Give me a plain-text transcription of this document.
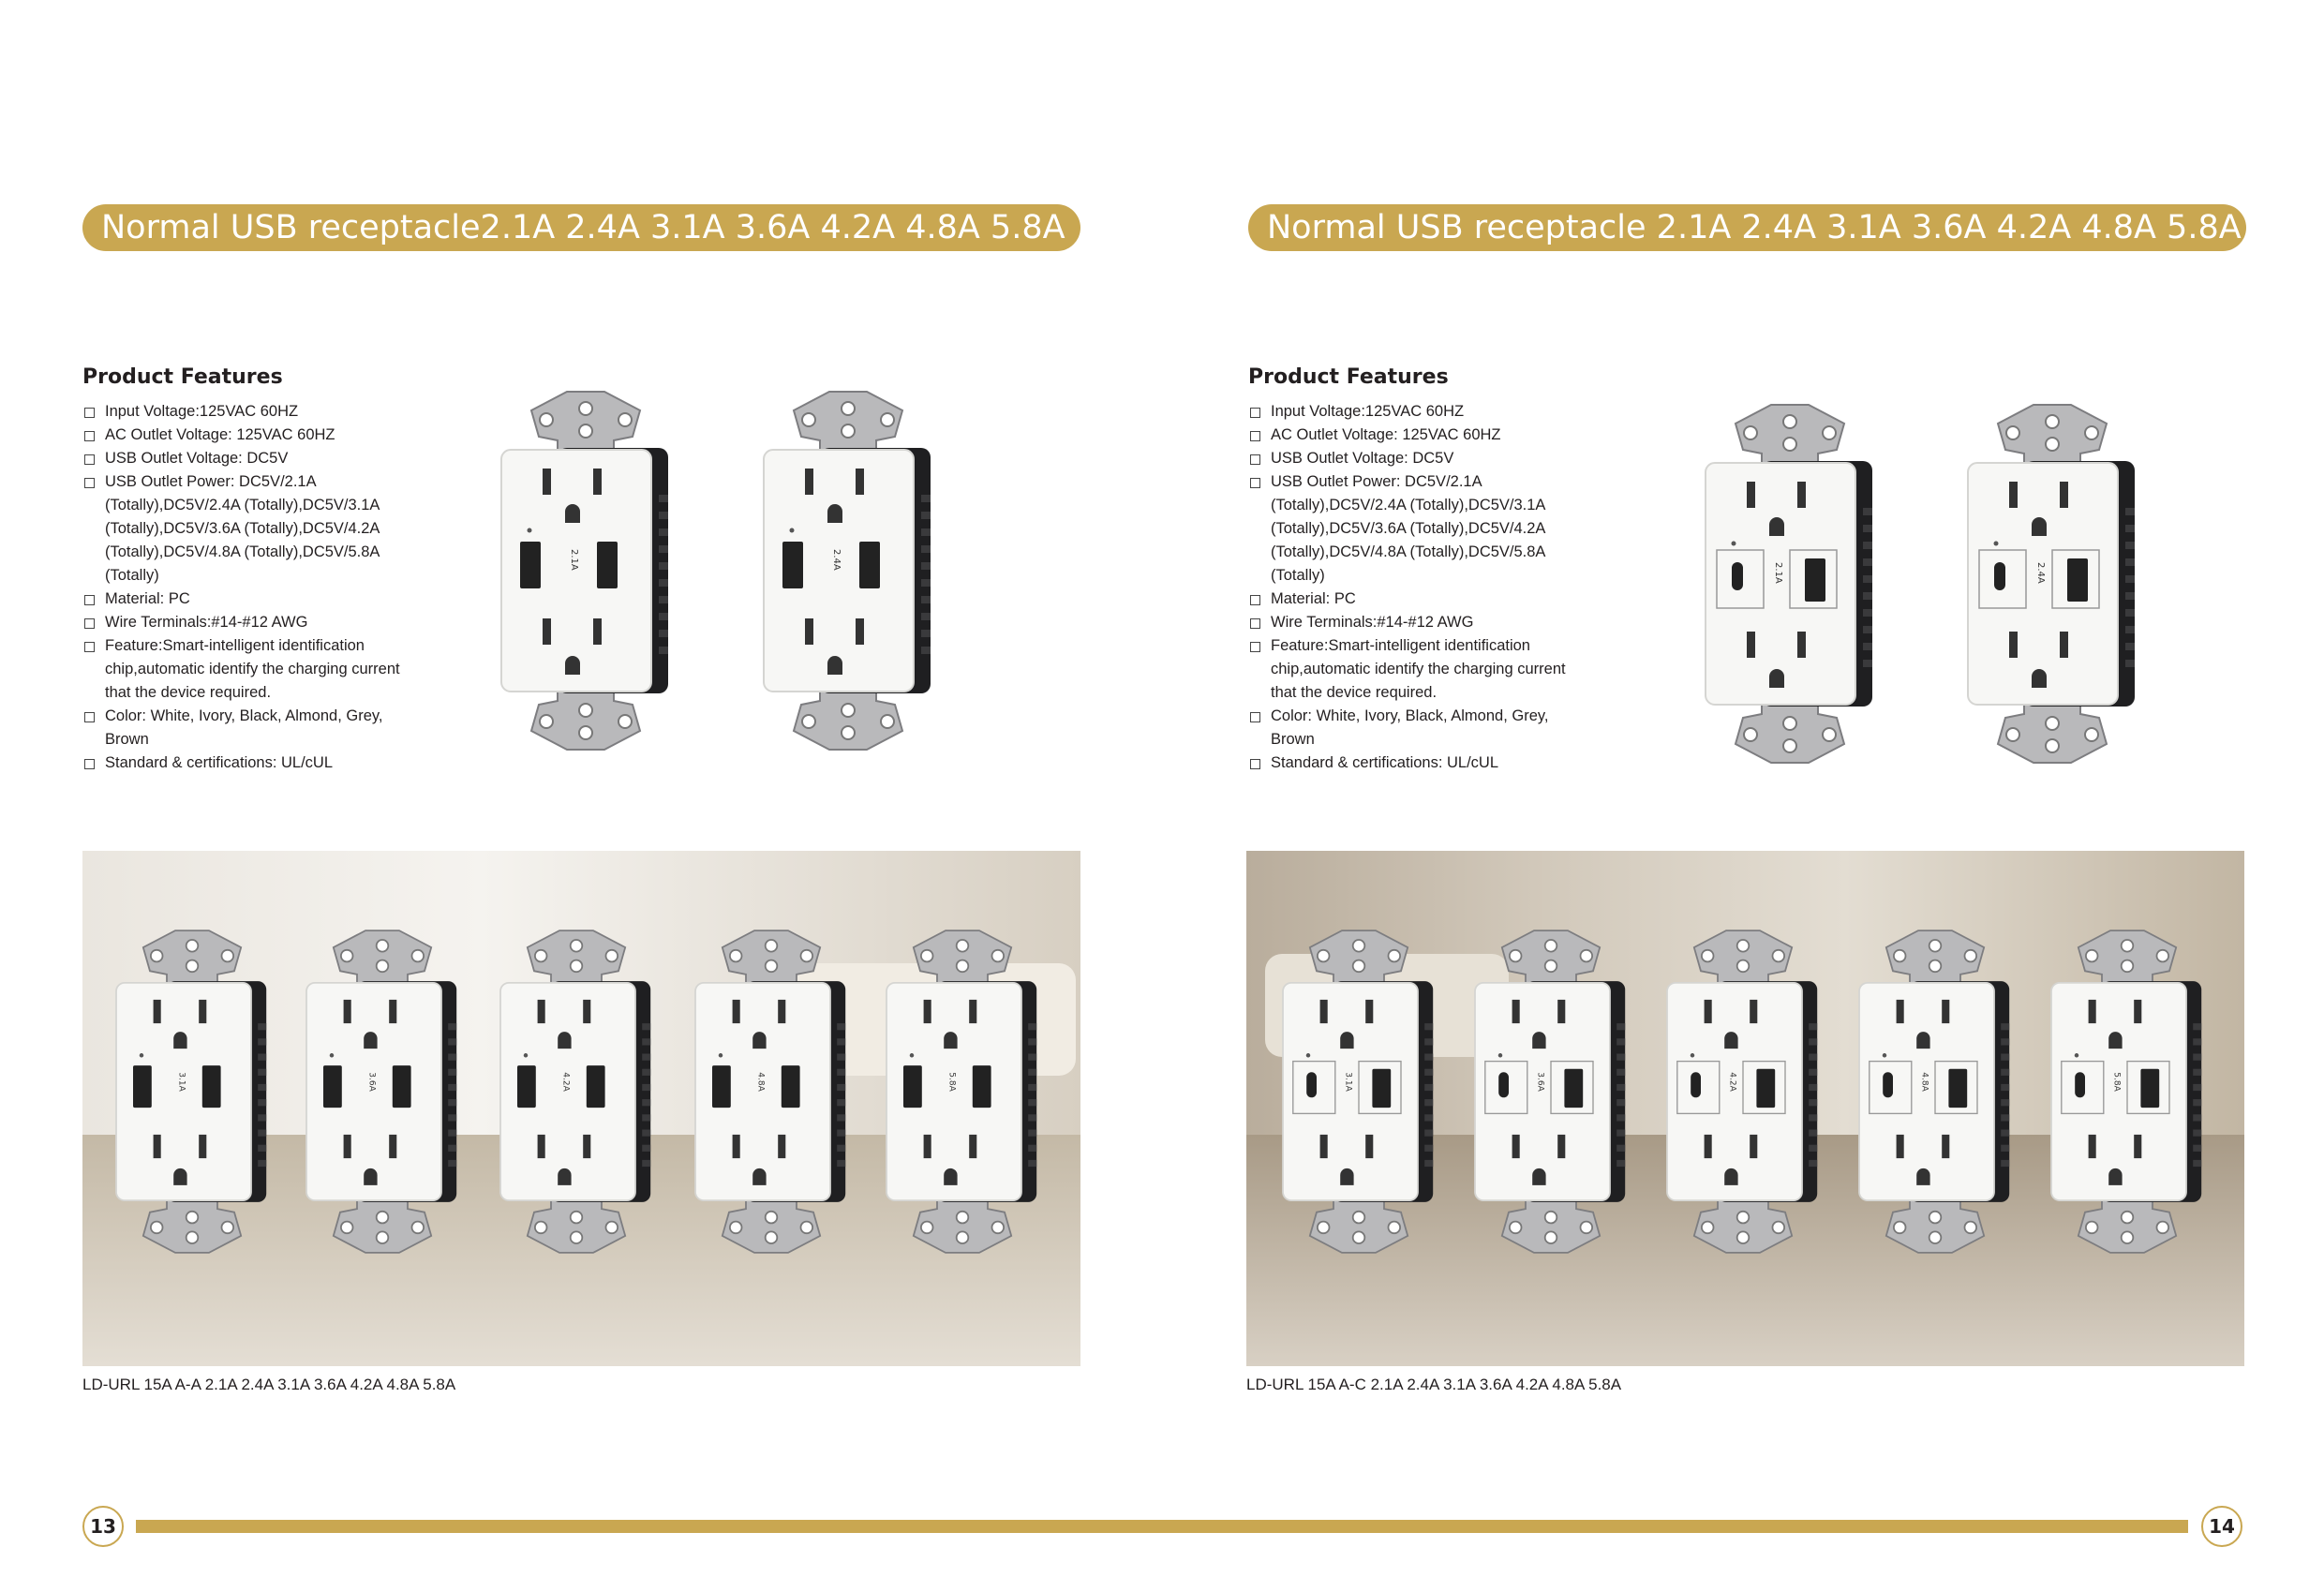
Normal USB receptacle2.1A 2.4A 3.1A 3.6A 4.2A 4.8A 5.8A	Normal USB receptacle 2.1A 2.4A 3.1A 3.6A 4.2A 4.8A 5.8A
Product Features	Product Features
Input Voltage:125VAC 60HZ
AC Outlet Voltage: 125VAC 60HZ
USB Outlet Voltage: DC5V
USB Outlet Power: DC5V/2.1A (Totally),DC5V/2.4A (Totally),DC5V/3.1A (Totally),DC5V/3.6A (Totally),DC5V/4.2A (Totally),DC5V/4.8A (Totally),DC5V/5.8A (Totally)
Material: PC
Wire Terminals:#14-#12 AWG
Feature:Smart-intelligent identification chip,automatic identify the charging current that the device required.
Color: White, Ivory, Black, Almond, Grey, Brown
Standard & certifications: UL/cUL
Input Voltage:125VAC 60HZ
AC Outlet Voltage: 125VAC 60HZ
USB Outlet Voltage: DC5V
USB Outlet Power: DC5V/2.1A (Totally),DC5V/2.4A (Totally),DC5V/3.1A (Totally),DC5V/3.6A (Totally),DC5V/4.2A (Totally),DC5V/4.8A (Totally),DC5V/5.8A (Totally)
Material: PC
Wire Terminals:#14-#12 AWG
Feature:Smart-intelligent identification chip,automatic identify the charging current that the device required.
Color: White, Ivory, Black, Almond, Grey, Brown
Standard & certifications: UL/cUL
2.1A	2.4A
2.1A	2.4A
3.1A	3.6A	4.2A	4.8A	5.8A	3.1A	3.6A	4.2A	4.8A	5.8A
LD-URL 15A A-A 2.1A 2.4A 3.1A 3.6A 4.2A 4.8A 5.8A	LD-URL 15A A-C 2.1A 2.4A 3.1A 3.6A 4.2A 4.8A 5.8A
13	14
